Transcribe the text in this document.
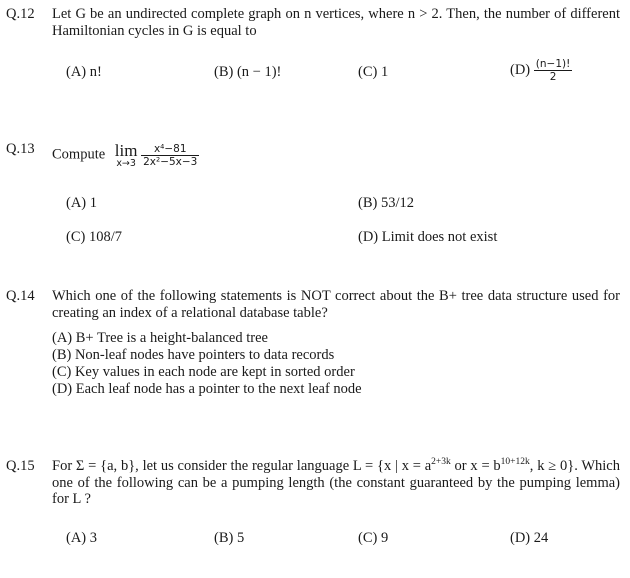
Q.12 Let G be an undirected complete graph on n vertices, where n > 2. Then, the number of different Hamiltonian cycles in G is equal to
(A) n!	(B) (n − 1)!	(C) 1	$(D) \frac{(n-1)!}{2}$
Q.13 Compute lim
x→3
$\frac{\text{x⁴−81}}{\text{2x²−5x−3}}$
(A) 1	(B) 53/12
(C) 108/7	(D) Limit does not exist
Q.14 Which one of the following statements is NOT correct about the B+ tree data structure used for creating an index of a relational database table?
(A) B+ Tree is a height-balanced tree
(B) Non-leaf nodes have pointers to data records
(C) Key values in each node are kept in sorted order
(D) Each leaf node has a pointer to the next leaf node
Q.15 For Σ = {a, b}, let us consider the regular language L = {x | $x = a^{2+3k}$ or $x = b^{10+12k}$, k ≥ 0}. Which one of the following can be a pumping length (the constant guaranteed by the pumping lemma) for L ?
(A) 3	(B) 5	(C) 9	(D) 24
